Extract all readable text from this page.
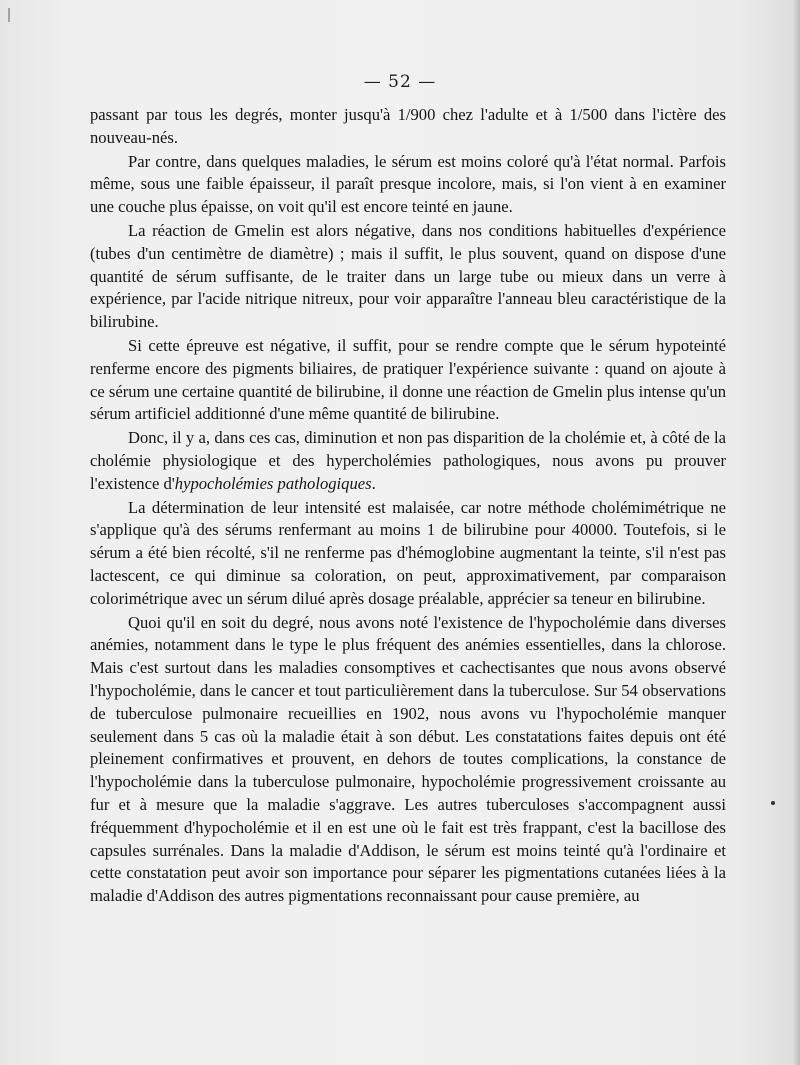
— 52 —

passant par tous les degrés, monter jusqu'à 1/900 chez l'adulte et à 1/500 dans l'ictère des nouveau-nés.

Par contre, dans quelques maladies, le sérum est moins coloré qu'à l'état normal. Parfois même, sous une faible épaisseur, il paraît presque incolore, mais, si l'on vient à en examiner une couche plus épaisse, on voit qu'il est encore teinté en jaune.

La réaction de Gmelin est alors négative, dans nos conditions habituelles d'expérience (tubes d'un centimètre de diamètre) ; mais il suffit, le plus souvent, quand on dispose d'une quantité de sérum suffisante, de le traiter dans un large tube ou mieux dans un verre à expérience, par l'acide nitrique nitreux, pour voir apparaître l'anneau bleu caractéristique de la bilirubine.

Si cette épreuve est négative, il suffit, pour se rendre compte que le sérum hypoteinté renferme encore des pigments biliaires, de pratiquer l'expérience suivante : quand on ajoute à ce sérum une certaine quantité de bilirubine, il donne une réaction de Gmelin plus intense qu'un sérum artificiel additionné d'une même quantité de bilirubine.

Donc, il y a, dans ces cas, diminution et non pas disparition de la cholémie et, à côté de la cholémie physiologique et des hypercholémies pathologiques, nous avons pu prouver l'existence d'hypocholémies pathologiques.

La détermination de leur intensité est malaisée, car notre méthode cholémimétrique ne s'applique qu'à des sérums renfermant au moins 1 de bilirubine pour 40000. Toutefois, si le sérum a été bien récolté, s'il ne renferme pas d'hémoglobine augmentant la teinte, s'il n'est pas lactescent, ce qui diminue sa coloration, on peut, approximativement, par comparaison colorimétrique avec un sérum dilué après dosage préalable, apprécier sa teneur en bilirubine.

Quoi qu'il en soit du degré, nous avons noté l'existence de l'hypocholémie dans diverses anémies, notamment dans le type le plus fréquent des anémies essentielles, dans la chlorose. Mais c'est surtout dans les maladies consomptives et cachectisantes que nous avons observé l'hypocholémie, dans le cancer et tout particulièrement dans la tuberculose. Sur 54 observations de tuberculose pulmonaire recueillies en 1902, nous avons vu l'hypocholémie manquer seulement dans 5 cas où la maladie était à son début. Les constatations faites depuis ont été pleinement confirmatives et prouvent, en dehors de toutes complications, la constance de l'hypocholémie dans la tuberculose pulmonaire, hypocholémie progressivement croissante au fur et à mesure que la maladie s'aggrave. Les autres tuberculoses s'accompagnent aussi fréquemment d'hypocholémie et il en est une où le fait est très frappant, c'est la bacillose des capsules surrénales. Dans la maladie d'Addison, le sérum est moins teinté qu'à l'ordinaire et cette constatation peut avoir son importance pour séparer les pigmentations cutanées liées à la maladie d'Addison des autres pigmentations reconnaissant pour cause première, au
